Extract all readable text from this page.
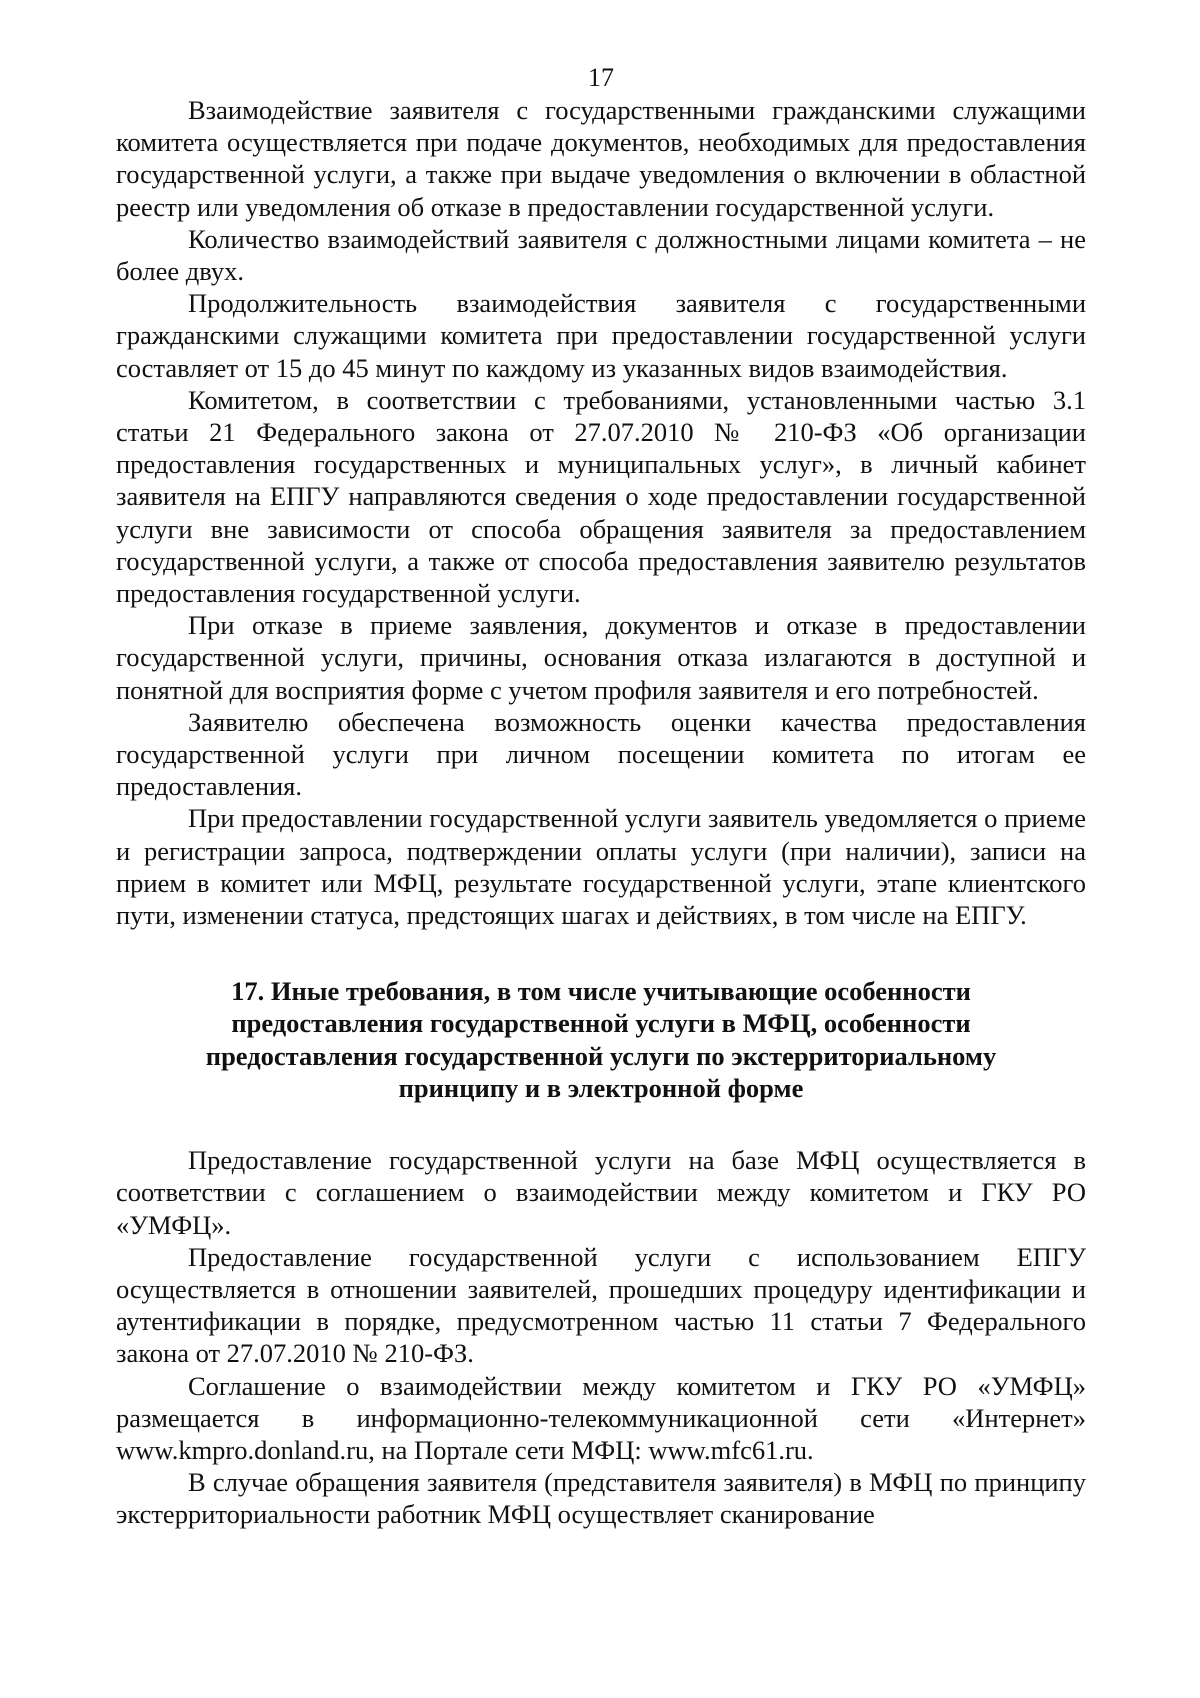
17

Взаимодействие заявителя с государственными гражданскими служащими комитета осуществляется при подаче документов, необходимых для предоставления государственной услуги, а также при выдаче уведомления о включении в областной реестр или уведомления об отказе в предоставлении государственной услуги.

Количество взаимодействий заявителя с должностными лицами комитета – не более двух.

Продолжительность взаимодействия заявителя с государственными гражданскими служащими комитета при предоставлении государственной услуги составляет от 15 до 45 минут по каждому из указанных видов взаимодействия.

Комитетом, в соответствии с требованиями, установленными частью 3.1 статьи 21 Федерального закона от 27.07.2010 № 210-ФЗ «Об организации предоставления государственных и муниципальных услуг», в личный кабинет заявителя на ЕПГУ направляются сведения о ходе предоставлении государственной услуги вне зависимости от способа обращения заявителя за предоставлением государственной услуги, а также от способа предоставления заявителю результатов предоставления государственной услуги.

При отказе в приеме заявления, документов и отказе в предоставлении государственной услуги, причины, основания отказа излагаются в доступной и понятной для восприятия форме с учетом профиля заявителя и его потребностей.

Заявителю обеспечена возможность оценки качества предоставления государственной услуги при личном посещении комитета по итогам ее предоставления.

При предоставлении государственной услуги заявитель уведомляется о приеме и регистрации запроса, подтверждении оплаты услуги (при наличии), записи на прием в комитет или МФЦ, результате государственной услуги, этапе клиентского пути, изменении статуса, предстоящих шагах и действиях, в том числе на ЕПГУ.

17. Иные требования, в том числе учитывающие особенности
предоставления государственной услуги в МФЦ, особенности
предоставления государственной услуги по экстерриториальному
принципу и в электронной форме

Предоставление государственной услуги на базе МФЦ осуществляется в соответствии с соглашением о взаимодействии между комитетом и ГКУ РО «УМФЦ».

Предоставление государственной услуги с использованием ЕПГУ осуществляется в отношении заявителей, прошедших процедуру идентификации и аутентификации в порядке, предусмотренном частью 11 статьи 7 Федерального закона от 27.07.2010 № 210-ФЗ.

Соглашение о взаимодействии между комитетом и ГКУ РО «УМФЦ» размещается в информационно-телекоммуникационной сети «Интернет» www.kmpro.donland.ru, на Портале сети МФЦ: www.mfc61.ru.

В случае обращения заявителя (представителя заявителя) в МФЦ по принципу экстерриториальности работник МФЦ осуществляет сканирование
